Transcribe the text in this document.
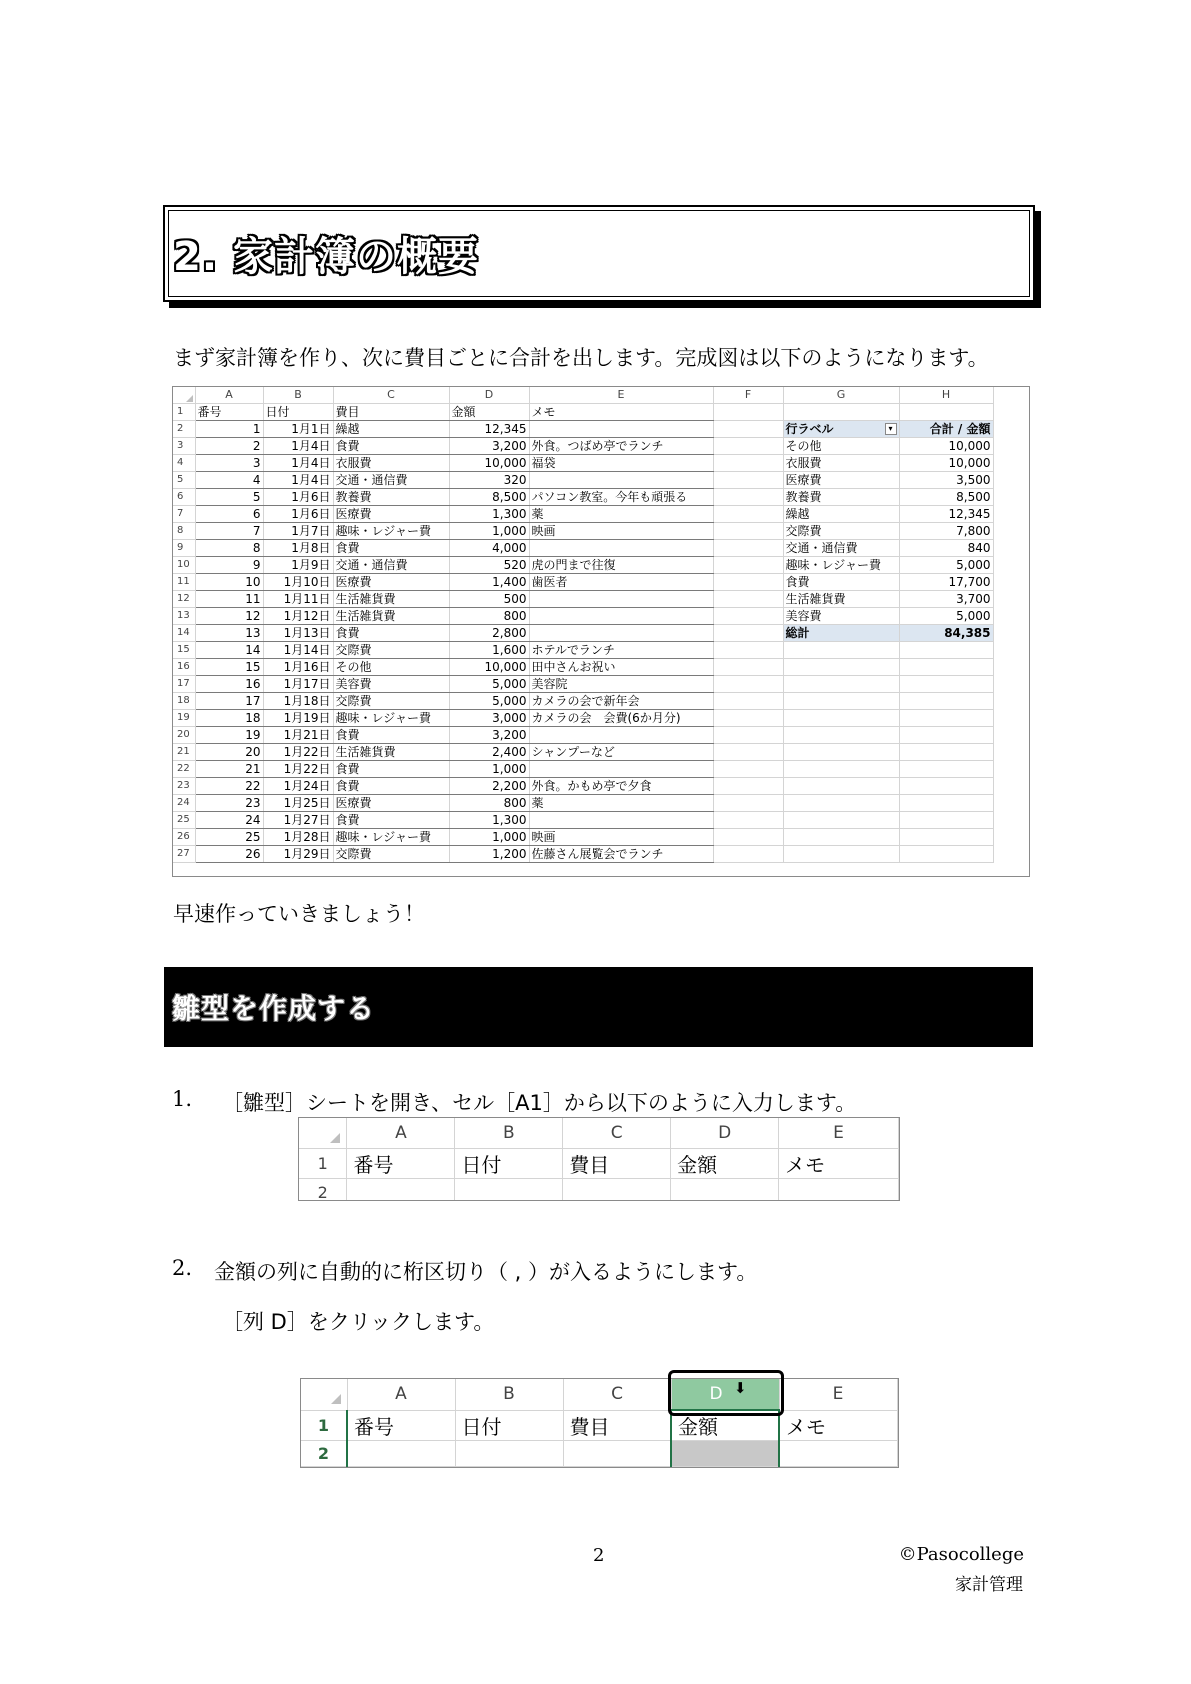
2. 家計簿の概要
まず家計簿を作り、次に費目ごとに合計を出します。完成図は以下のようになります。
	A	B	C	D	E	F	G	H
1	番号	日付	費目	金額	メモ			
2	1	1月1日	繰越	12,345			行ラベル ▾	合計 / 金額
3	2	1月4日	食費	3,200	外食。つばめ亭でランチ		その他	10,000
4	3	1月4日	衣服費	10,000	福袋		衣服費	10,000
5	4	1月4日	交通・通信費	320			医療費	3,500
6	5	1月6日	教養費	8,500	パソコン教室。今年も頑張る		教養費	8,500
7	6	1月6日	医療費	1,300	薬		繰越	12,345
8	7	1月7日	趣味・レジャー費	1,000	映画		交際費	7,800
9	8	1月8日	食費	4,000			交通・通信費	840
10	9	1月9日	交通・通信費	520	虎の門まで往復		趣味・レジャー費	5,000
11	10	1月10日	医療費	1,400	歯医者		食費	17,700
12	11	1月11日	生活雑貨費	500			生活雑貨費	3,700
13	12	1月12日	生活雑貨費	800			美容費	5,000
14	13	1月13日	食費	2,800			総計	84,385
15	14	1月14日	交際費	1,600	ホテルでランチ			
16	15	1月16日	その他	10,000	田中さんお祝い			
17	16	1月17日	美容費	5,000	美容院			
18	17	1月18日	交際費	5,000	カメラの会で新年会			
19	18	1月19日	趣味・レジャー費	3,000	カメラの会　会費(6か月分)			
20	19	1月21日	食費	3,200				
21	20	1月22日	生活雑貨費	2,400	シャンプーなど			
22	21	1月22日	食費	1,000				
23	22	1月24日	食費	2,200	外食。かもめ亭で夕食			
24	23	1月25日	医療費	800	薬			
25	24	1月27日	食費	1,300				
26	25	1月28日	趣味・レジャー費	1,000	映画			
27	26	1月29日	交際費	1,200	佐藤さん展覧会でランチ			
早速作っていきましょう！
雛型を作成する
1. ［雛型］シートを開き、セル［A1］から以下のように入力します。
	A	B	C	D	E
1	番号	日付	費目	金額	メモ
2					
2. 金額の列に自動的に桁区切り（ , ）が入るようにします。
［列 D］をクリックします。
	A	B	C	D ⬇	E
1	番号	日付	費目	金額	メモ
2					
2	©Pasocollege
家計管理
